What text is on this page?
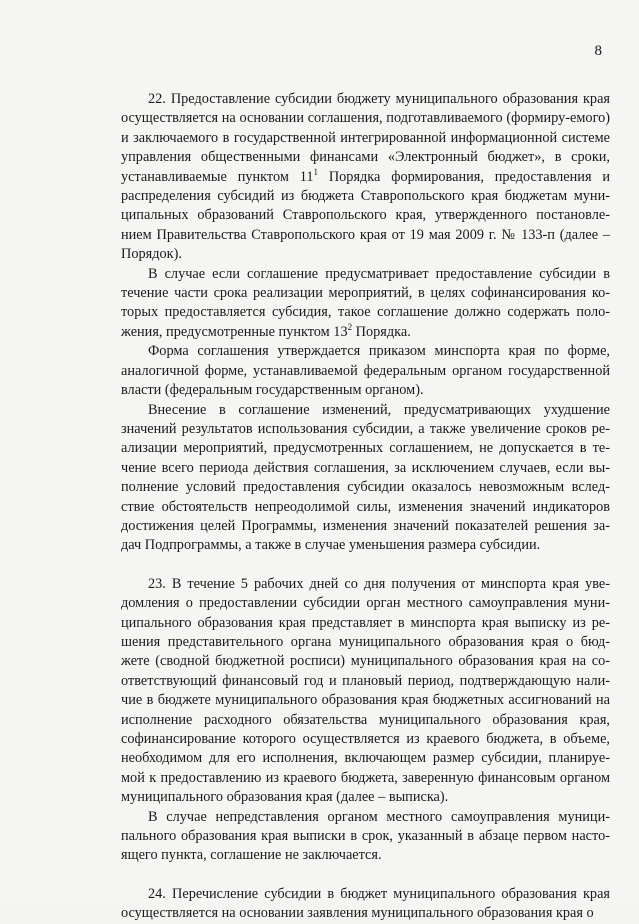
8

22. Предоставление субсидии бюджету муниципального образования края осуществляется на основании соглашения, подготавливаемого (формиру-емого) и заключаемого в государственной интегрированной информационной системе управления общественными финансами «Электронный бюджет», в сроки, устанавливаемые пунктом $11^1$ Порядка формирования, предоставления и распределения субсидий из бюджета Ставропольского края бюджетам муни-ципальных образований Ставропольского края, утвержденного постановле-нием Правительства Ставропольского края от 19 мая 2009 г. № 133-п (далее – Порядок).

В случае если соглашение предусматривает предоставление субсидии в течение части срока реализации мероприятий, в целях софинансирования ко-торых предоставляется субсидия, такое соглашение должно содержать поло-жения, предусмотренные пунктом $13^2$ Порядка.

Форма соглашения утверждается приказом минспорта края по форме, аналогичной форме, устанавливаемой федеральным органом государственной власти (федеральным государственным органом).

Внесение в соглашение изменений, предусматривающих ухудшение значений результатов использования субсидии, а также увеличение сроков ре-ализации мероприятий, предусмотренных соглашением, не допускается в те-чение всего периода действия соглашения, за исключением случаев, если вы-полнение условий предоставления субсидии оказалось невозможным вслед-ствие обстоятельств непреодолимой силы, изменения значений индикаторов достижения целей Программы, изменения значений показателей решения за-дач Подпрограммы, а также в случае уменьшения размера субсидии.

23. В течение 5 рабочих дней со дня получения от минспорта края уве-домления о предоставлении субсидии орган местного самоуправления муни-ципального образования края представляет в минспорта края выписку из ре-шения представительного органа муниципального образования края о бюд-жете (сводной бюджетной росписи) муниципального образования края на со-ответствующий финансовый год и плановый период, подтверждающую нали-чие в бюджете муниципального образования края бюджетных ассигнований на исполнение расходного обязательства муниципального образования края, софинансирование которого осуществляется из краевого бюджета, в объеме, необходимом для его исполнения, включающем размер субсидии, планируе-мой к предоставлению из краевого бюджета, заверенную финансовым органом муниципального образования края (далее – выписка).

В случае непредставления органом местного самоуправления муници-пального образования края выписки в срок, указанный в абзаце первом насто-ящего пункта, соглашение не заключается.

24. Перечисление субсидии в бюджет муниципального образования края осуществляется на основании заявления муниципального образования края о
